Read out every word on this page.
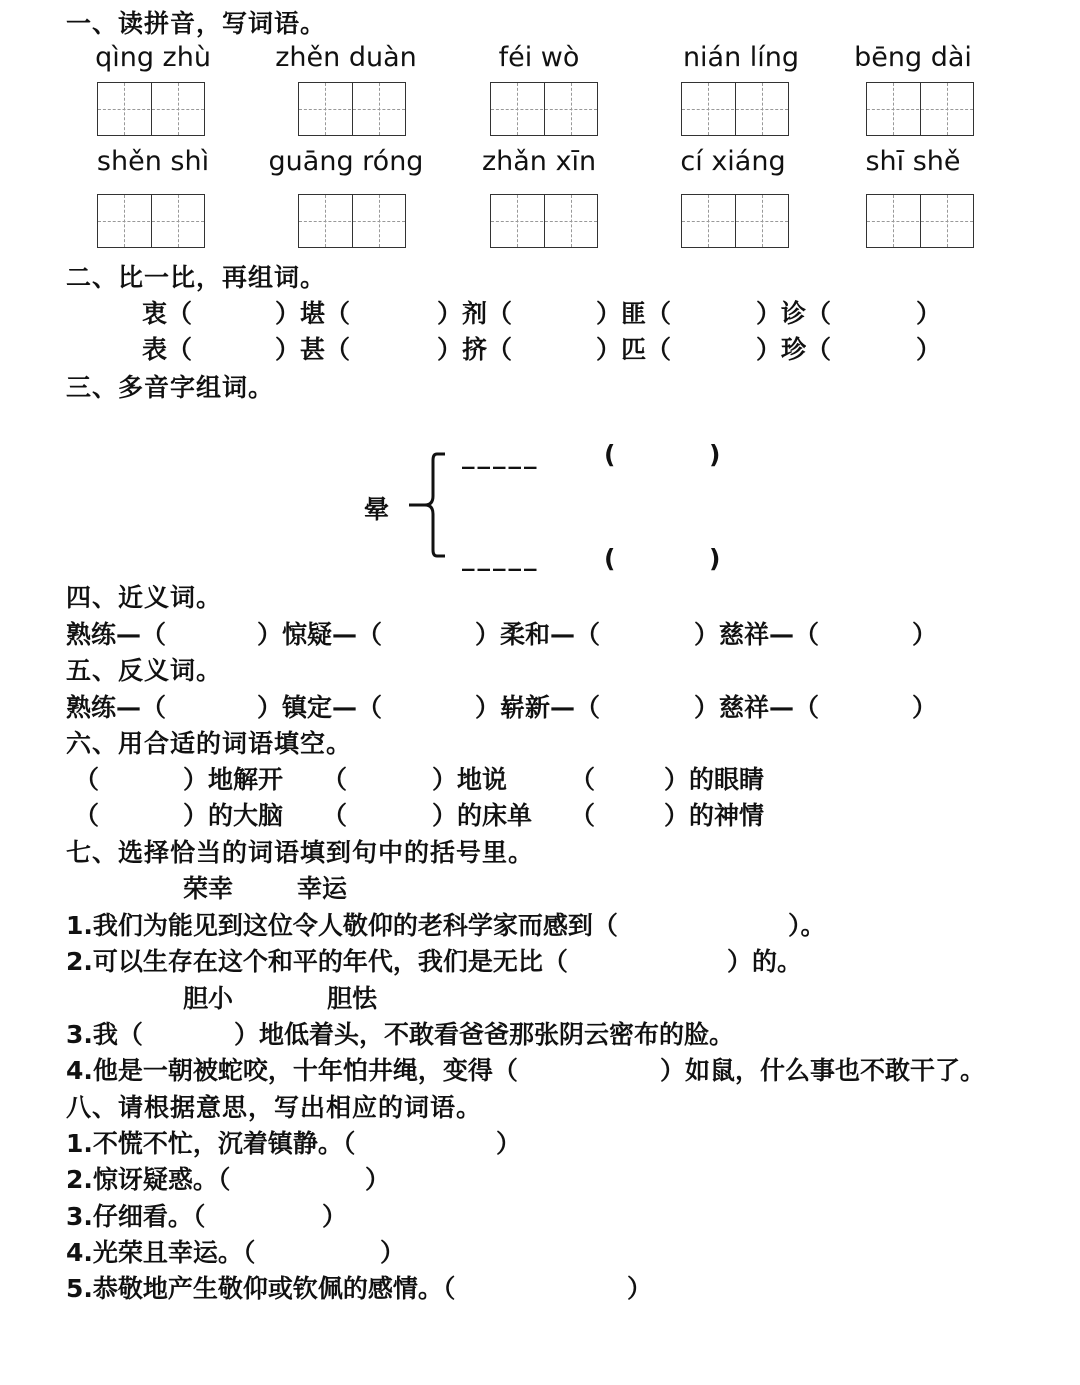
一、读拼音，写词语。
qìng zhù	zhěn duàn	féi wò	nián líng	bēng dài
shěn shì	guāng róng	zhǎn xīn	cí xiáng	shī shě
二、比一比，再组词。
衷（	）堪（	）剂（	）匪（	）诊（	）
表（	）甚（	）挤（	）匹（	）珍（	）
三、多音字组词。
晕
_____	(	)
_____	(	)
四、近义词。
熟练—（	）惊疑—（	）柔和—（	）慈祥—（	）
五、反义词。
熟练—（	）镇定—（	）崭新—（	）慈祥—（	）
六、用合适的词语填空。
（	）地解开 （	）地说	（	）的眼睛
（	）的大脑 （	）的床单 （	）的神情
七、选择恰当的词语填到句中的括号里。
荣幸	幸运
1.我们为能见到这位令人敬仰的老科学家而感到（	）。
2.可以生存在这个和平的年代，我们是无比（	）的。
胆小	胆怯
3.我（	）地低着头，不敢看爸爸那张阴云密布的脸。
4.他是一朝被蛇咬，十年怕井绳，变得（	）如鼠，什么事也不敢干了。
八、请根据意思，写出相应的词语。
1.不慌不忙，沉着镇静。（	）
2.惊讶疑惑。（	）
3.仔细看。（	）
4.光荣且幸运。（	）
5.恭敬地产生敬仰或钦佩的感情。（	）
